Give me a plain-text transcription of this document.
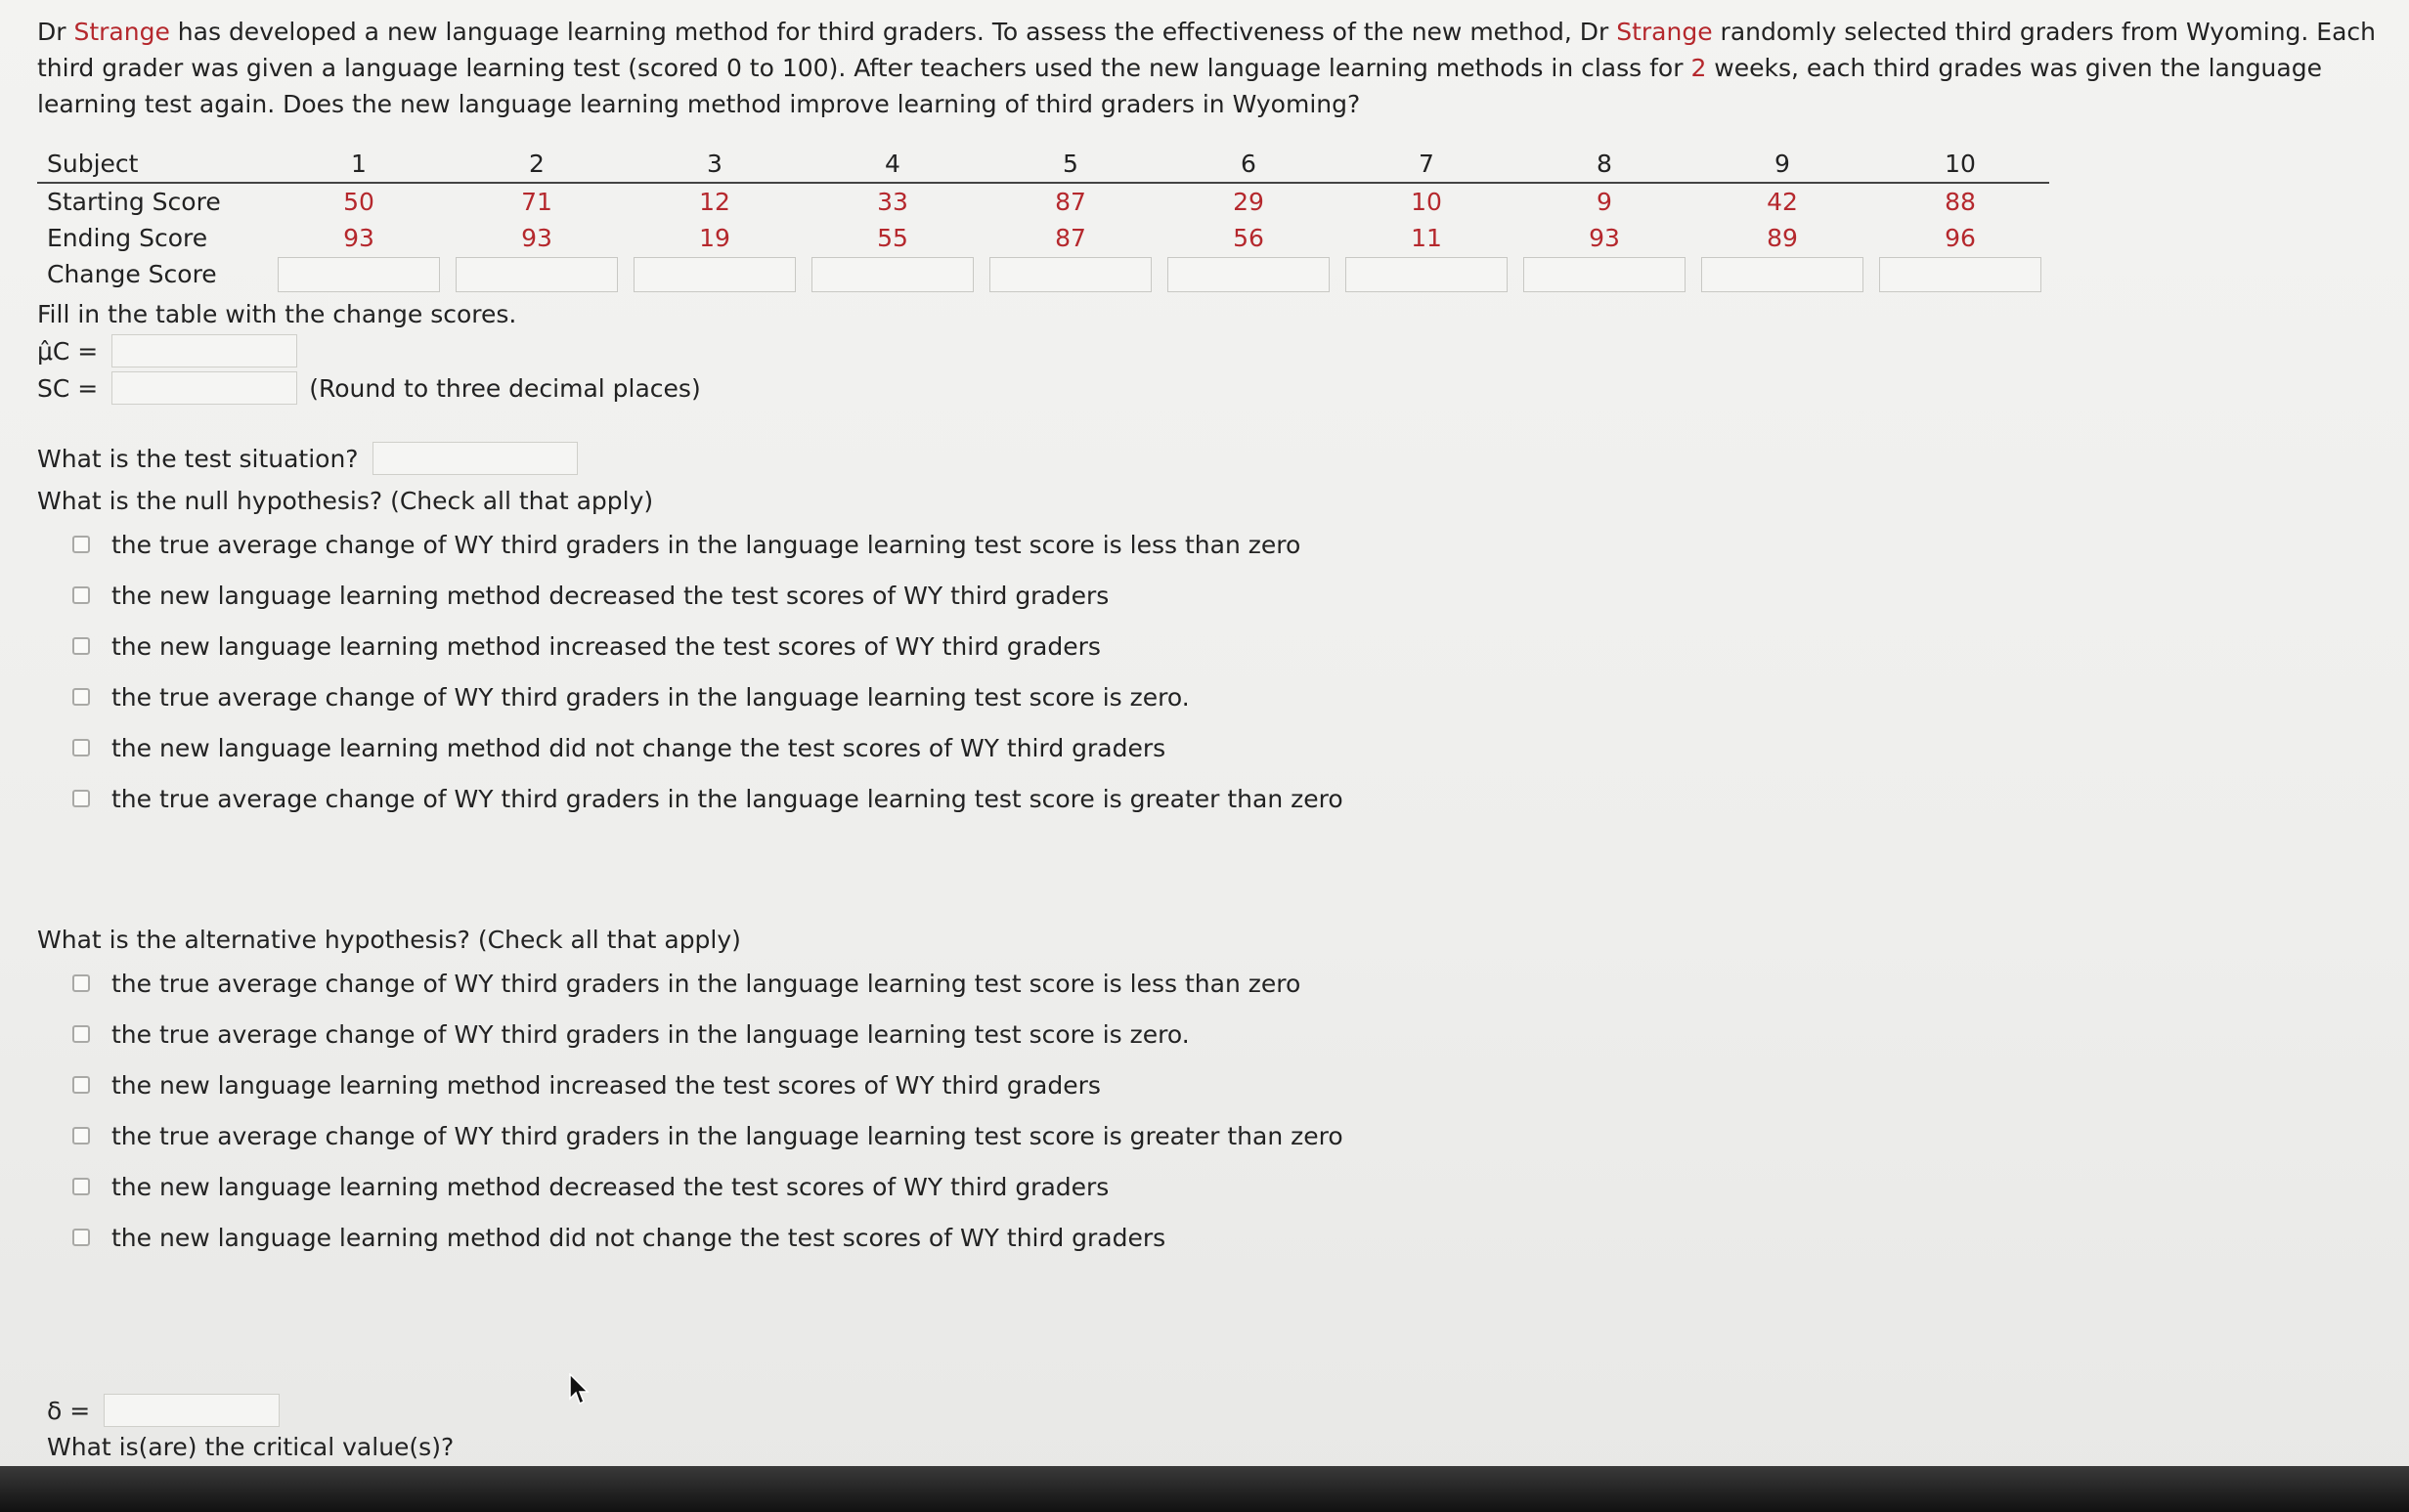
Dr Strange has developed a new language learning method for third graders. To assess the effectiveness of the new method, Dr Strange randomly selected third graders from Wyoming. Each third grader was given a language learning test (scored 0 to 100). After teachers used the new language learning methods in class for 2 weeks, each third grades was given the language learning test again. Does the new language learning method improve learning of third graders in Wyoming?

Subject	1	2	3	4	5	6	7	8	9	10
Starting Score	50	71	12	33	87	29	10	9	42	88
Ending Score	93	93	19	55	87	56	11	93	89	96
Change Score	

Fill in the table with the change scores.
μ̂C =
SC =	(Round to three decimal places)
What is the test situation?
What is the null hypothesis? (Check all that apply)
the true average change of WY third graders in the language learning test score is less than zero
the new language learning method decreased the test scores of WY third graders
the new language learning method increased the test scores of WY third graders
the true average change of WY third graders in the language learning test score is zero.
the new language learning method did not change the test scores of WY third graders
the true average change of WY third graders in the language learning test score is greater than zero
What is the alternative hypothesis? (Check all that apply)
the true average change of WY third graders in the language learning test score is less than zero
the true average change of WY third graders in the language learning test score is zero.
the new language learning method increased the test scores of WY third graders
the true average change of WY third graders in the language learning test score is greater than zero
the new language learning method decreased the test scores of WY third graders
the new language learning method did not change the test scores of WY third graders
δ =
What is(are) the critical value(s)?
